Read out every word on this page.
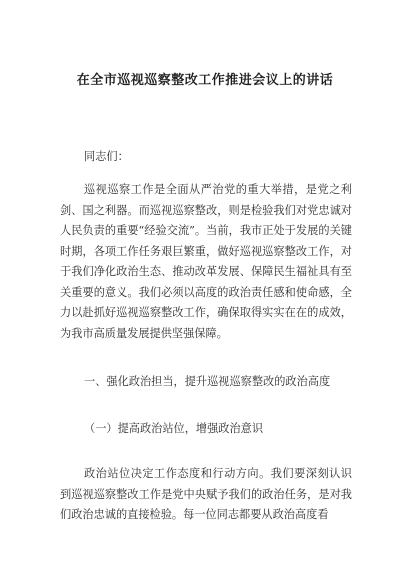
在全市巡视巡察整改工作推进会议上的讲话
同志们：
巡视巡察工作是全面从严治党的重大举措，是党之利剑、国之利器。而巡视巡察整改，则是检验我们对党忠诚对人民负责的重要“经验交流”。当前，我市正处于发展的关键时期，各项工作任务艰巨繁重，做好巡视巡察整改工作，对于我们净化政治生态、推动改革发展、保障民生福祉具有至关重要的意义。我们必须以高度的政治责任感和使命感，全力以赴抓好巡视巡察整改工作，确保取得实实在在的成效，为我市高质量发展提供坚强保障。
一、强化政治担当，提升巡视巡察整改的政治高度
（一）提高政治站位，增强政治意识
政治站位决定工作态度和行动方向。我们要深刻认识到巡视巡察整改工作是党中央赋予我们的政治任务，是对我们政治忠诚的直接检验。每一位同志都要从政治高度看
